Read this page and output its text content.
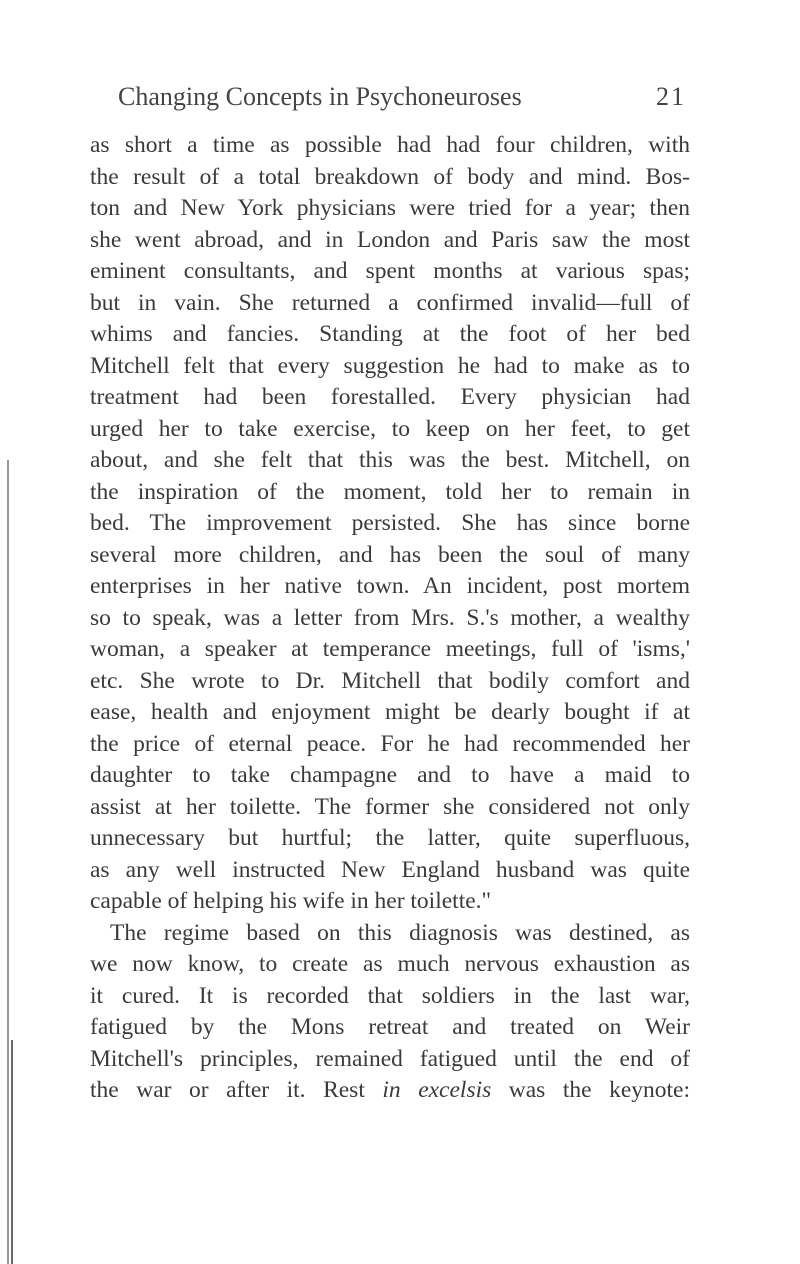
Changing Concepts in Psychoneuroses	21
as short a time as possible had had four children, with
the result of a total breakdown of body and mind. Bos-
ton and New York physicians were tried for a year; then
she went abroad, and in London and Paris saw the most
eminent consultants, and spent months at various spas;
but in vain. She returned a confirmed invalid—full of
whims and fancies. Standing at the foot of her bed
Mitchell felt that every suggestion he had to make as to
treatment had been forestalled. Every physician had
urged her to take exercise, to keep on her feet, to get
about, and she felt that this was the best. Mitchell, on
the inspiration of the moment, told her to remain in
bed. The improvement persisted. She has since borne
several more children, and has been the soul of many
enterprises in her native town. An incident, post mortem
so to speak, was a letter from Mrs. S.'s mother, a wealthy
woman, a speaker at temperance meetings, full of 'isms,'
etc. She wrote to Dr. Mitchell that bodily comfort and
ease, health and enjoyment might be dearly bought if at
the price of eternal peace. For he had recommended her
daughter to take champagne and to have a maid to
assist at her toilette. The former she considered not only
unnecessary but hurtful; the latter, quite superfluous,
as any well instructed New England husband was quite
capable of helping his wife in her toilette."
The regime based on this diagnosis was destined, as
we now know, to create as much nervous exhaustion as
it cured. It is recorded that soldiers in the last war,
fatigued by the Mons retreat and treated on Weir
Mitchell's principles, remained fatigued until the end of
the war or after it. Rest in excelsis was the keynote:
